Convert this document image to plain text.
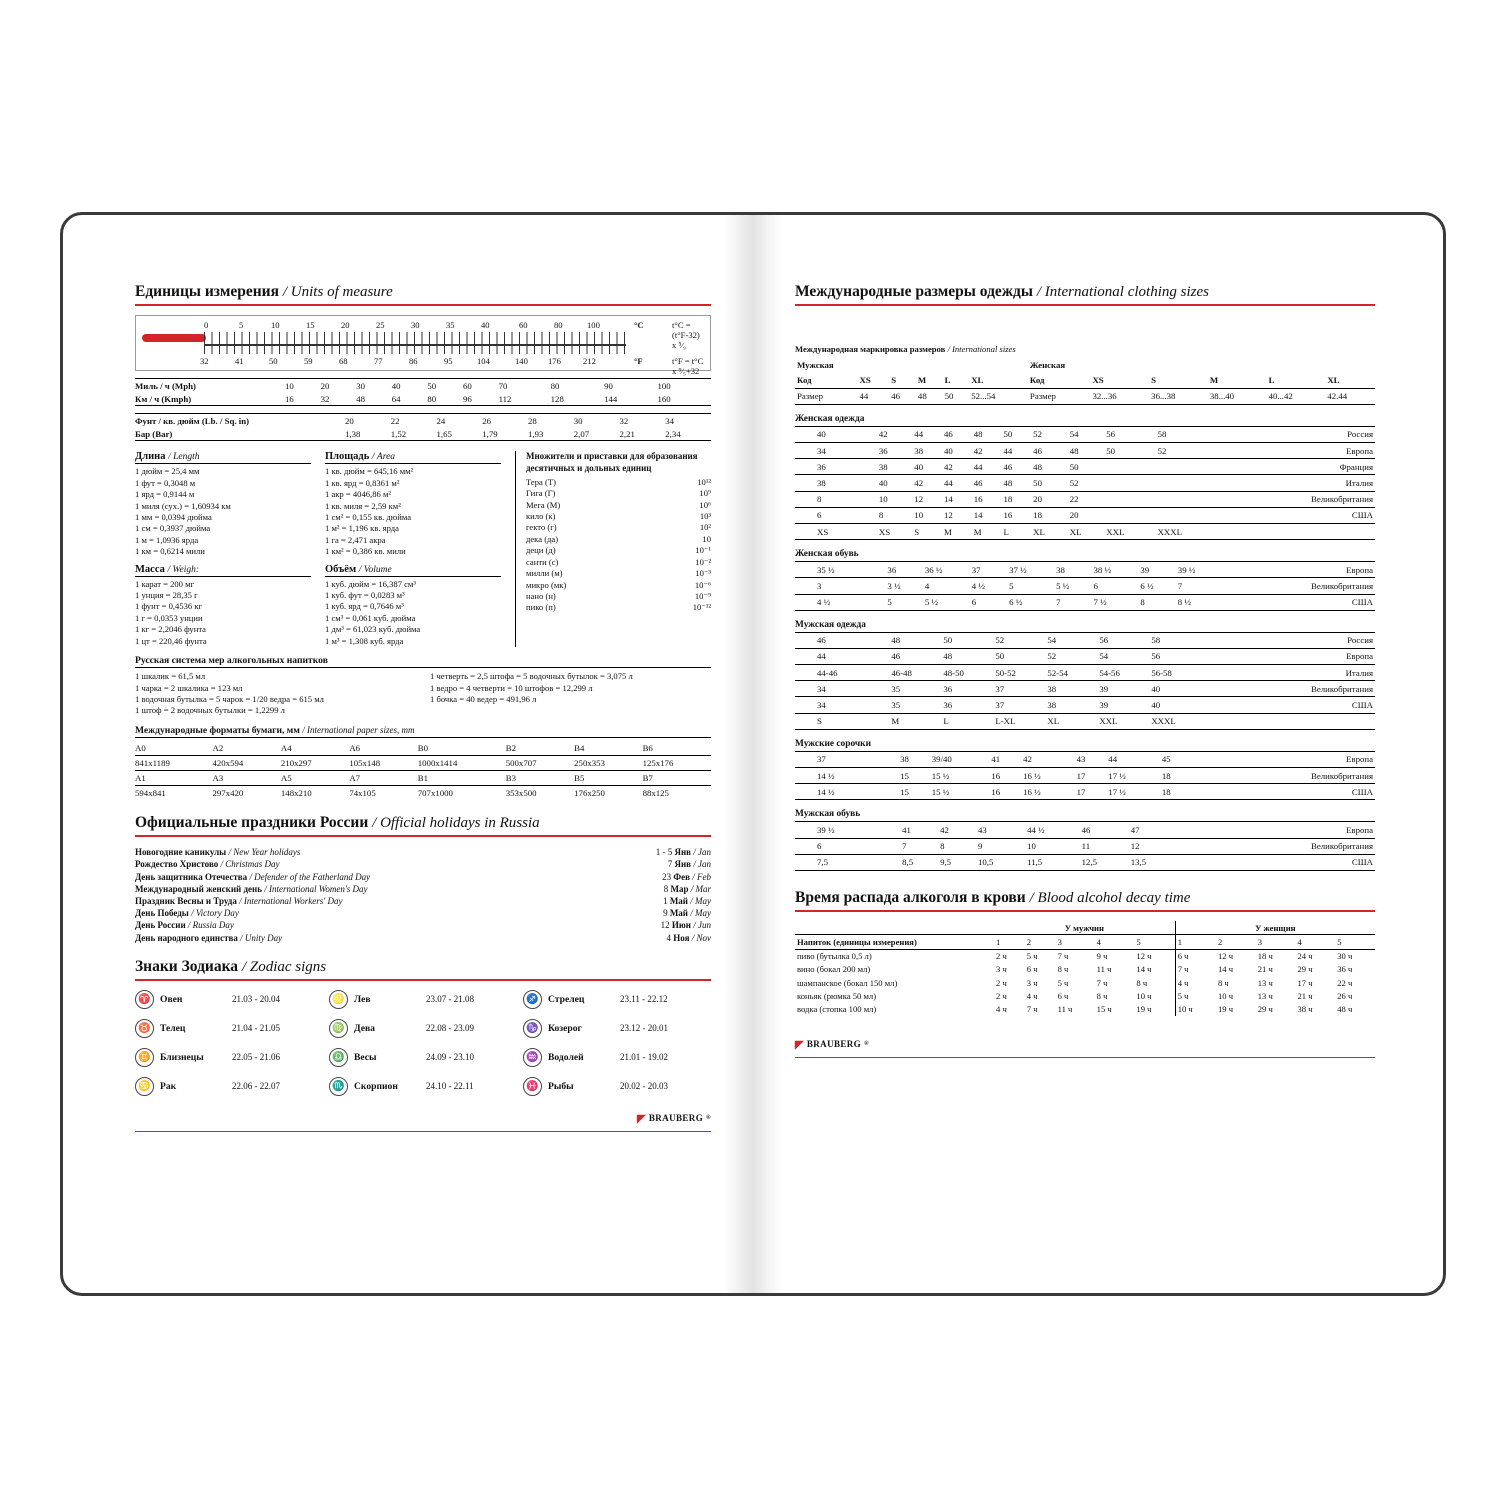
Единицы измерения / Units of measure
0	5	10	15	20	25	30	35	40	60	80	100	°C	t°C = (t°F-32) x ⁵⁄₉
32	41	50	59	68	77	86	95	104	140 176	212	°F	t°F = t°C x ⁹⁄₅+32
Миль / ч (Mph)	10	20	30	40	50	60	70	80	90	100
Км / ч (Kmph)	16	32	48	64	80	96	112	128	144	160
Фунт / кв. дюйм (Lb. / Sq. in)	20	22	24	26	28	30	32	34
Бар (Bar)	1,38	1,52	1,65	1,79	1,93	2,07	2,21	2,34
Длина / Length
1 дюйм = 25,4 мм
1 фут = 0,3048 м
1 ярд = 0,9144 м
1 миля (сух.) = 1,60934 км
1 мм = 0,0394 дюйма
1 см = 0,3937 дюйма
1 м = 1,0936 ярда
1 км = 0,6214 мили
Масса / Weigh:
1 карат = 200 мг
1 унция = 28,35 г
1 фунт = 0,4536 кг
1 г = 0,0353 унции
1 кг = 2,2046 фунта
1 цт = 220,46 фунта
Площадь / Area
1 кв. дюйм = 645,16 мм²
1 кв. ярд = 0,8361 м²
1 акр = 4046,86 м²
1 кв. миля = 2,59 км²
1 см² = 0,155 кв. дюйма
1 м² = 1,196 кв. ярда
1 га = 2,471 акра
1 км² = 0,386 кв. мили
Объём / Volume
1 куб. дюйм = 16,387 см³
1 куб. фут = 0,0283 м³
1 куб. ярд = 0,7646 м³
1 см³ = 0,061 куб. дюйма
1 дм³ = 61,023 куб. дюйма
1 м³ = 1,308 куб. ярда
Множители и приставки для образования десятичных и дольных единиц
Тера (Т)	10¹²
Гига (Г)	10⁹
Мега (М)	10⁶
кило (к)	10³
гекто (г)	10²
дека (да)	10
деци (д)	10⁻¹
санти (с)	10⁻²
милли (м)	10⁻³
микро (мк)	10⁻⁶
нано (н)	10⁻⁹
пико (п)	10⁻¹²
Русская система мер алкогольных напитков
1 шкалик = 61,5 мл
1 чарка = 2 шкалика = 123 мл
1 водочная бутылка = 5 чарок = 1/20 ведра = 615 мл
1 штоф = 2 водочных бутылки = 1,2299 л
1 четверть = 2,5 штофа = 5 водочных бутылок = 3,075 л
1 ведро = 4 четверти = 10 штофов = 12,299 л
1 бочка = 40 ведер = 491,96 л
Международные форматы бумаги, мм / International paper sizes, mm
A0	A2	A4	A6	B0	B2	B4	B6
841x1189	420x594	210x297	105x148	1000x1414	500x707	250x353	125x176
A1	A3	A5	A7	B1	B3	B5	B7
594x841	297x420	148x210	74x105	707x1000	353x500	176x250	88x125
Официальные праздники России / Official holidays in Russia
Новогодние каникулы / New Year holidays	1 - 5 Янв / Jan
Рождество Христово / Christmas Day	7 Янв / Jan
День защитника Отечества / Defender of the Fatherland Day	23 Фев / Feb
Международный женский день / International Women's Day	8 Мар / Mar
Праздник Весны и Труда / International Workers' Day	1 Май / May
День Победы / Victory Day	9 Май / May
День России / Russia Day	12 Июн / Jun
День народного единства / Unity Day	4 Ноя / Nov
Знаки Зодиака / Zodiac signs
♈ Овен	21.03 - 20.04
♉ Телец	21.04 - 21.05
♊ Близнецы	22.05 - 21.06
♋ Рак	22.06 - 22.07
♌ Лев	23.07 - 21.08
♍ Дева	22.08 - 23.09
♎ Весы	24.09 - 23.10
♏ Скорпион	24.10 - 22.11
♐ Стрелец	23.11 - 22.12
♑ Козерог	23.12 - 20.01
♒ Водолей	21.01 - 19.02
♓ Рыбы	20.02 - 20.03
◤ BRAUBERG ®
Международные размеры одежды / International clothing sizes
Международная маркировка размеров / International sizes
Мужская						Женская					
Код	XS	S	M	L	XL	Код	XS	S	M	L	XL
Размер	44	46	48	50	52...54	Размер	32...36	36...38	38...40	40...42	42.44
Женская одежда
40	42	44	46	48	50	52	54	56	58	Россия
34	36	38	40	42	44	46	48	50	52	Европа
36	38	40	42	44	46	48	50			Франция
38	40	42	44	46	48	50	52			Италия
8	10	12	14	16	18	20	22			Великобритания
6	8	10	12	14	16	18	20			США
XS	XS	S	M	M	L	XL	XL	XXL	XXXL	
Женская обувь
35 ½	36	36 ½	37	37 ½	38	38 ½	39	39 ½		Европа
3	3 ½	4	4 ½	5	5 ½	6	6 ½	7		Великобритания
4 ½	5	5 ½	6	6 ½	7	7 ½	8	8 ½		США
Мужская одежда
46	48	50	52	54	56	58				Россия
44	46	48	50	52	54	56				Европа
44-46	46-48	48-50	50-52	52-54	54-56	56-58				Италия
34	35	36	37	38	39	40				Великобритания
34	35	36	37	38	39	40				США
S	M	L	L-XL	XL	XXL	XXXL				
Мужские сорочки
37	38	39/40	41	42	43	44	45			Европа
14 ½	15	15 ½	16	16 ½	17	17 ½	18			Великобритания
14 ½	15	15 ½	16	16 ½	17	17 ½	18			США
Мужская обувь
39 ½	41	42	43	44 ½	46	47				Европа
6	7	8	9	10	11	12				Великобритания
7,5	8,5	9,5	10,5	11,5	12,5	13,5				США
Время распада алкоголя в крови / Blood alcohol decay time
	У мужчин					У женщин				
Напиток (единицы измерения)	1	2	3	4	5	1	2	3	4	5
пиво (бутылка 0,5 л)	2 ч	5 ч	7 ч	9 ч	12 ч	6 ч	12 ч	18 ч	24 ч	30 ч
вино (бокал 200 мл)	3 ч	6 ч	8 ч	11 ч	14 ч	7 ч	14 ч	21 ч	29 ч	36 ч
шампанское (бокал 150 мл)	2 ч	3 ч	5 ч	7 ч	8 ч	4 ч	8 ч	13 ч	17 ч	22 ч
коньяк (рюмка 50 мл)	2 ч	4 ч	6 ч	8 ч	10 ч	5 ч	10 ч	13 ч	21 ч	26 ч
водка (стопка 100 мл)	4 ч	7 ч	11 ч	15 ч	19 ч	10 ч	19 ч	29 ч	38 ч	48 ч
◤ BRAUBERG ®
